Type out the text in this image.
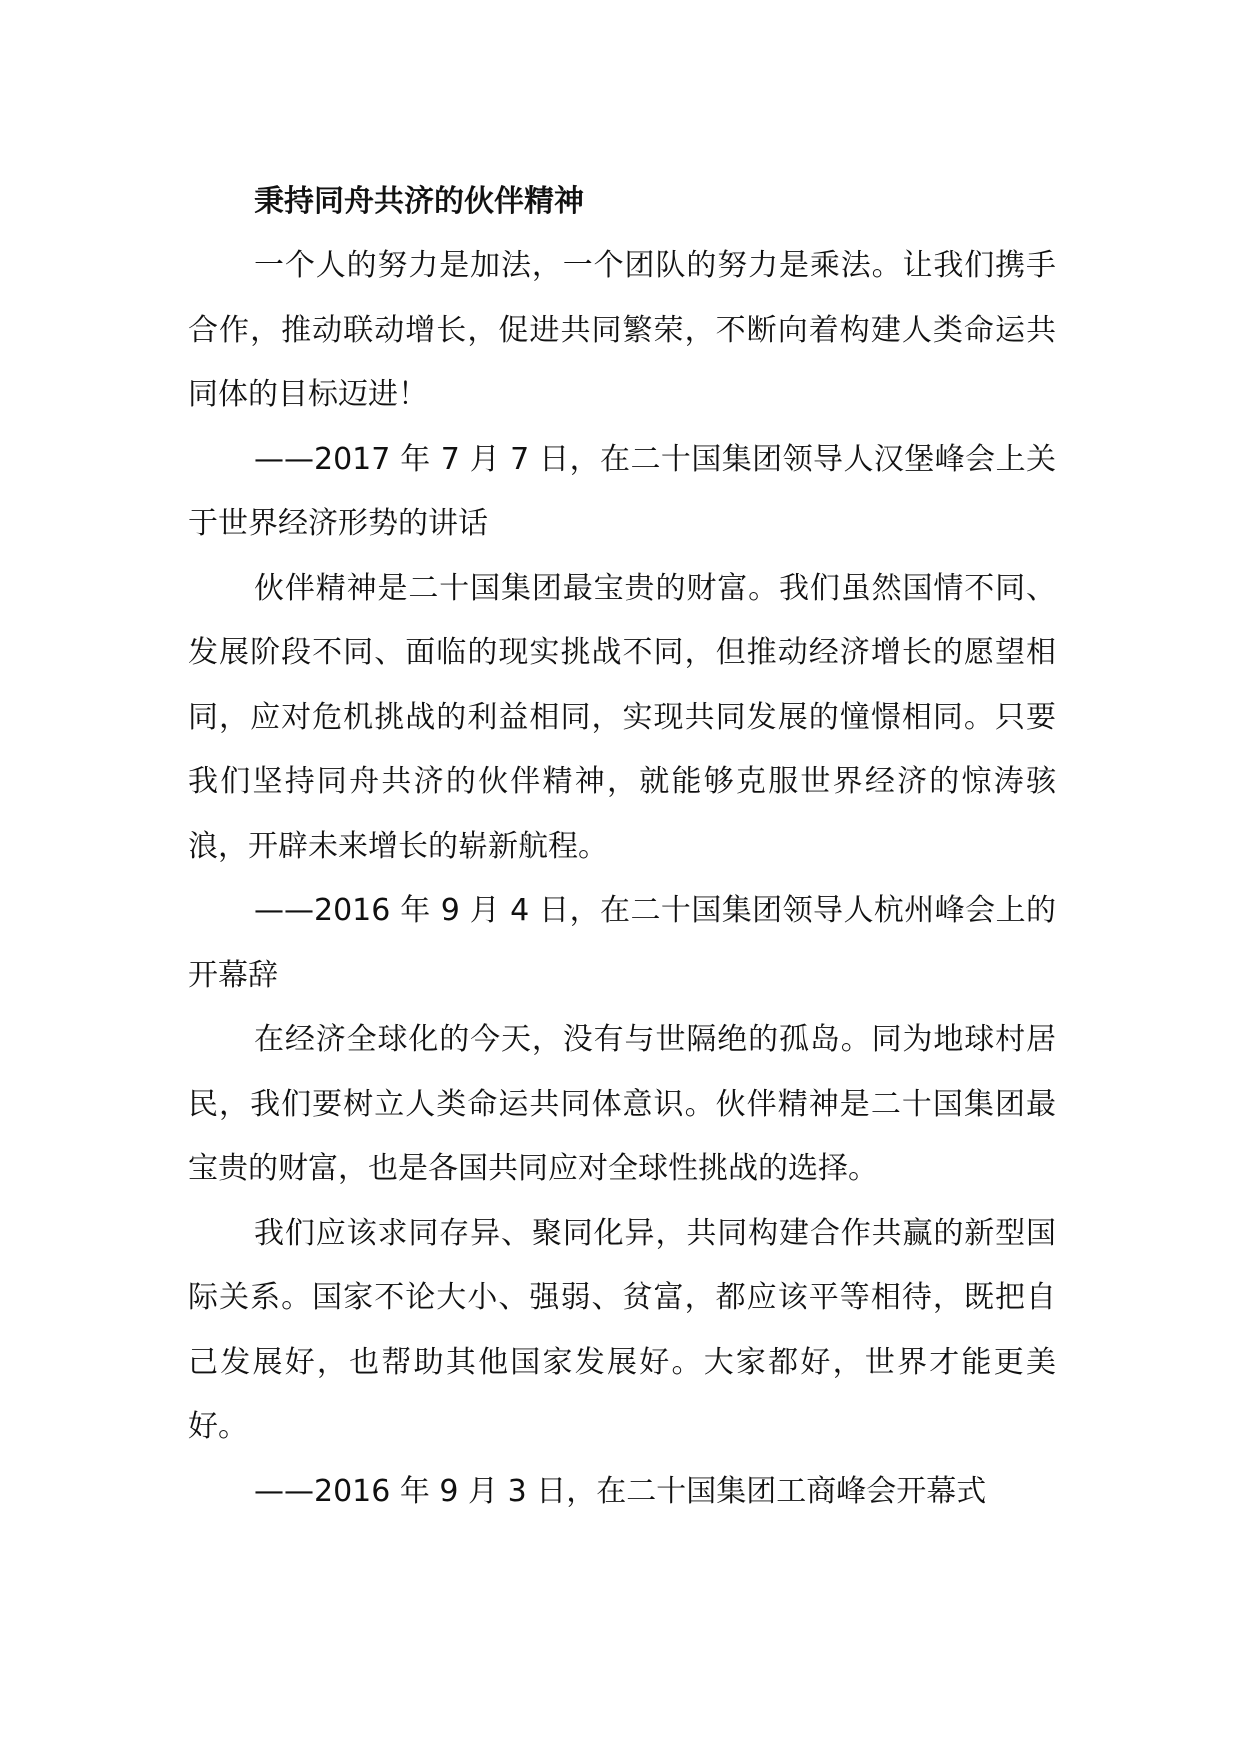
秉持同舟共济的伙伴精神

一个人的努力是加法，一个团队的努力是乘法。让我们携手合作，推动联动增长，促进共同繁荣，不断向着构建人类命运共同体的目标迈进！

——2017 年 7 月 7 日，在二十国集团领导人汉堡峰会上关于世界经济形势的讲话

伙伴精神是二十国集团最宝贵的财富。我们虽然国情不同、发展阶段不同、面临的现实挑战不同，但推动经济增长的愿望相同，应对危机挑战的利益相同，实现共同发展的憧憬相同。只要我们坚持同舟共济的伙伴精神，就能够克服世界经济的惊涛骇浪，开辟未来增长的崭新航程。

——2016 年 9 月 4 日，在二十国集团领导人杭州峰会上的开幕辞

在经济全球化的今天，没有与世隔绝的孤岛。同为地球村居民，我们要树立人类命运共同体意识。伙伴精神是二十国集团最宝贵的财富，也是各国共同应对全球性挑战的选择。

我们应该求同存异、聚同化异，共同构建合作共赢的新型国际关系。国家不论大小、强弱、贫富，都应该平等相待，既把自己发展好，也帮助其他国家发展好。大家都好，世界才能更美好。

——2016 年 9 月 3 日，在二十国集团工商峰会开幕式
